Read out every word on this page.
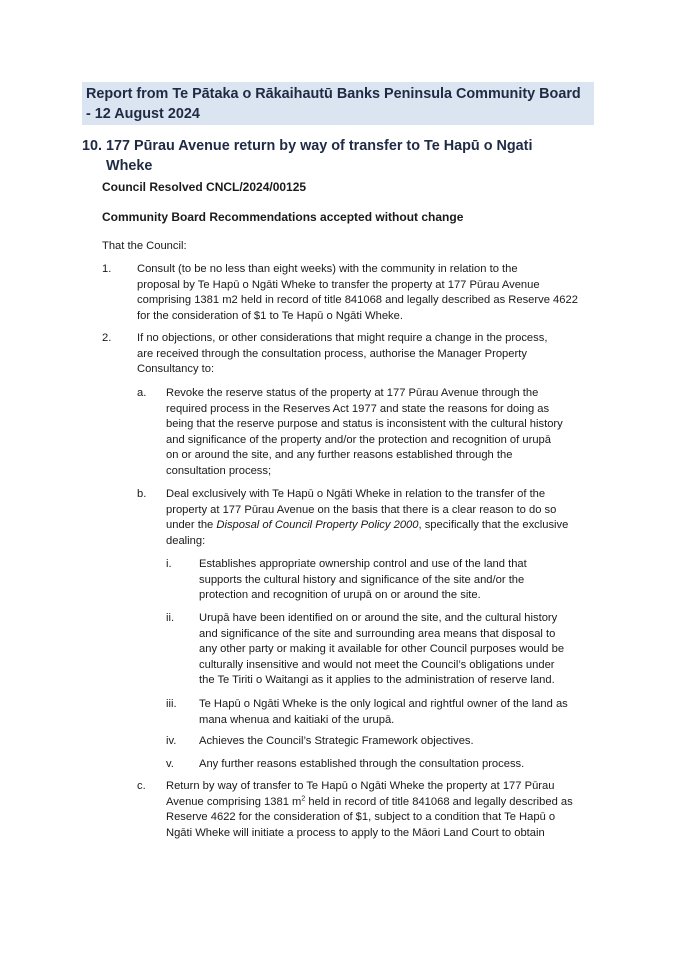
Report from Te Pātaka o Rākaihautū Banks Peninsula Community Board
- 12 August 2024
10. 177 Pūrau Avenue return by way of transfer to Te Hapū o Ngati
Wheke
Council Resolved CNCL/2024/00125
Community Board Recommendations accepted without change
That the Council:
1. Consult (to be no less than eight weeks) with the community in relation to the
proposal by Te Hapū o Ngāti Wheke to transfer the property at 177 Pūrau Avenue
comprising 1381 m2 held in record of title 841068 and legally described as Reserve 4622
for the consideration of $1 to Te Hapū o Ngāti Wheke.
2. If no objections, or other considerations that might require a change in the process,
are received through the consultation process, authorise the Manager Property
Consultancy to:
a. Revoke the reserve status of the property at 177 Pūrau Avenue through the
required process in the Reserves Act 1977 and state the reasons for doing as
being that the reserve purpose and status is inconsistent with the cultural history
and significance of the property and/or the protection and recognition of urupā
on or around the site, and any further reasons established through the
consultation process;
b. Deal exclusively with Te Hapū o Ngāti Wheke in relation to the transfer of the
property at 177 Pūrau Avenue on the basis that there is a clear reason to do so
under the Disposal of Council Property Policy 2000, specifically that the exclusive
dealing:
i. Establishes appropriate ownership control and use of the land that
supports the cultural history and significance of the site and/or the
protection and recognition of urupā on or around the site.
ii. Urupā have been identified on or around the site, and the cultural history
and significance of the site and surrounding area means that disposal to
any other party or making it available for other Council purposes would be
culturally insensitive and would not meet the Council’s obligations under
the Te Tiriti o Waitangi as it applies to the administration of reserve land.
iii. Te Hapū o Ngāti Wheke is the only logical and rightful owner of the land as
mana whenua and kaitiaki of the urupā.
iv. Achieves the Council’s Strategic Framework objectives.
v. Any further reasons established through the consultation process.
c. Return by way of transfer to Te Hapū o Ngāti Wheke the property at 177 Pūrau
Avenue comprising 1381 $m^2$ held in record of title 841068 and legally described as
Reserve 4622 for the consideration of $1, subject to a condition that Te Hapū o
Ngāti Wheke will initiate a process to apply to the Māori Land Court to obtain
